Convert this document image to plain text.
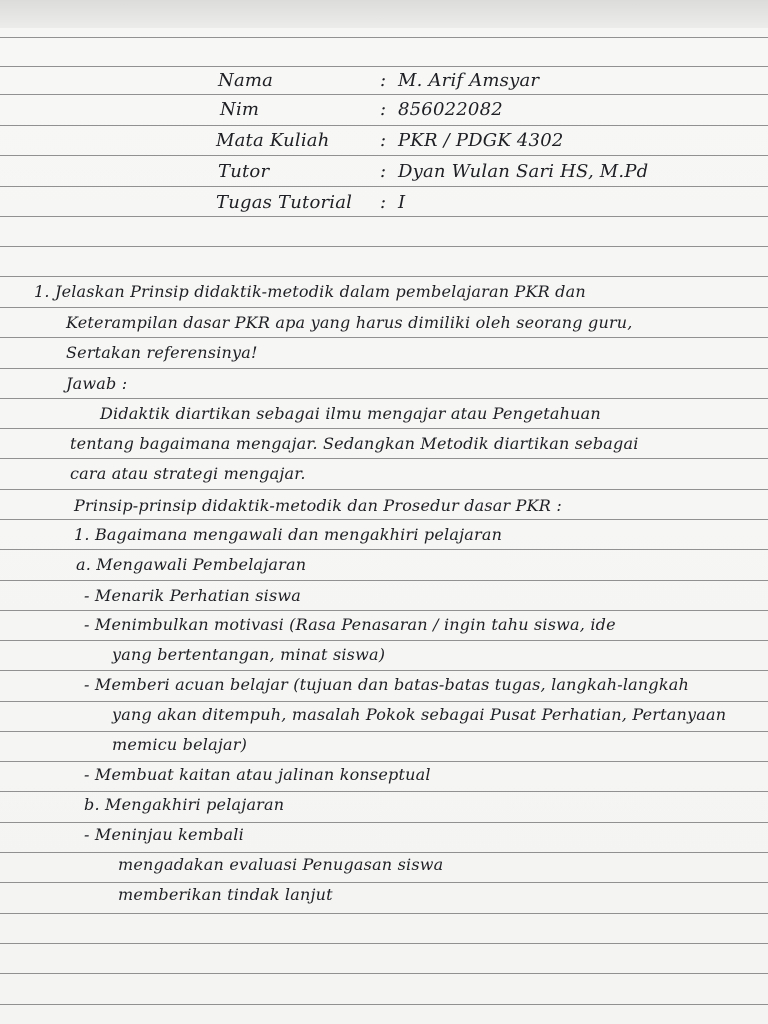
Nama	: M. Arif Amsyar
Nim	: 856022082
Mata Kuliah	: PKR / PDGK 4302
Tutor	: Dyan Wulan Sari HS, M.Pd
Tugas Tutorial : I
1. Jelaskan Prinsip didaktik-metodik dalam pembelajaran PKR dan
Keterampilan dasar PKR apa yang harus dimiliki oleh seorang guru,
Sertakan referensinya!
Jawab :
Didaktik diartikan sebagai ilmu mengajar atau Pengetahuan
tentang bagaimana mengajar. Sedangkan Metodik diartikan sebagai
cara atau strategi mengajar.
Prinsip-prinsip didaktik-metodik dan Prosedur dasar PKR :
1. Bagaimana mengawali dan mengakhiri pelajaran
a. Mengawali Pembelajaran
- Menarik Perhatian siswa
- Menimbulkan motivasi (Rasa Penasaran / ingin tahu siswa, ide
yang bertentangan, minat siswa)
- Memberi acuan belajar (tujuan dan batas-batas tugas, langkah-langkah
yang akan ditempuh, masalah Pokok sebagai Pusat Perhatian, Pertanyaan
memicu belajar)
- Membuat kaitan atau jalinan konseptual
b. Mengakhiri pelajaran
- Meninjau kembali
mengadakan evaluasi Penugasan siswa
memberikan tindak lanjut
